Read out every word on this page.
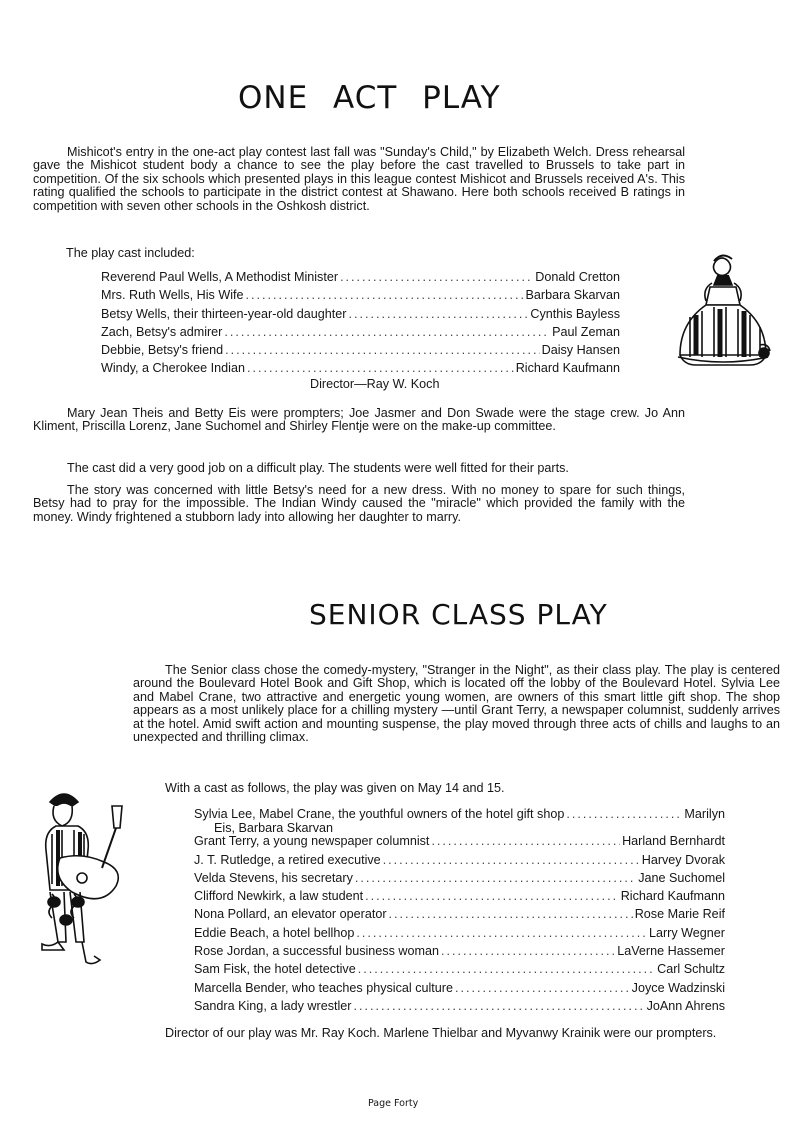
ONE ACT PLAY

Mishicot's entry in the one-act play contest last fall was "Sunday's Child," by Elizabeth Welch. Dress rehearsal gave the Mishicot student body a chance to see the play before the cast travelled to Brussels to take part in competition. Of the six schools which presented plays in this league contest Mishicot and Brussels received A's. This rating qualified the schools to participate in the district contest at Shawano. Here both schools received B ratings in competition with seven other schools in the Oshkosh district.

The play cast included:

Reverend Paul Wells, A Methodist Minister .....	Donald Cretton
Mrs. Ruth Wells, His Wife .....	Barbara Skarvan
Betsy Wells, their thirteen-year-old daughter .....	Cynthis Bayless
Zach, Betsy's admirer .....	Paul Zeman
Debbie, Betsy's friend .....	Daisy Hansen
Windy, a Cherokee Indian .....	Richard Kaufmann

Director—Ray W. Koch

Mary Jean Theis and Betty Eis were prompters; Joe Jasmer and Don Swade were the stage crew. Jo Ann Kliment, Priscilla Lorenz, Jane Suchomel and Shirley Flentje were on the make-up committee.

The cast did a very good job on a difficult play. The students were well fitted for their parts.

The story was concerned with little Betsy's need for a new dress. With no money to spare for such things, Betsy had to pray for the impossible. The Indian Windy caused the "miracle" which provided the family with the money. Windy frightened a stubborn lady into allowing her daughter to marry.

SENIOR CLASS PLAY

The Senior class chose the comedy-mystery, "Stranger in the Night", as their class play. The play is centered around the Boulevard Hotel Book and Gift Shop, which is located off the lobby of the Boulevard Hotel. Sylvia Lee and Mabel Crane, two attractive and energetic young women, are owners of this smart little gift shop. The shop appears as a most unlikely place for a chilling mystery —until Grant Terry, a newspaper columnist, suddenly arrives at the hotel. Amid swift action and mounting suspense, the play moved through three acts of chills and laughs to an unexpected and thrilling climax.

With a cast as follows, the play was given on May 14 and 15.

Sylvia Lee, Mabel Crane, the youthful owners of the hotel gift shop .....	Marilyn
Eis, Barbara Skarvan
Grant Terry, a young newspaper columnist .....	Harland Bernhardt
J. T. Rutledge, a retired executive .....	Harvey Dvorak
Velda Stevens, his secretary .....	Jane Suchomel
Clifford Newkirk, a law student .....	Richard Kaufmann
Nona Pollard, an elevator operator .....	Rose Marie Reif
Eddie Beach, a hotel bellhop .....	Larry Wegner
Rose Jordan, a successful business woman .....	LaVerne Hassemer
Sam Fisk, the hotel detective .....	Carl Schultz
Marcella Bender, who teaches physical culture .....	Joyce Wadzinski
Sandra King, a lady wrestler .....	JoAnn Ahrens

Director of our play was Mr. Ray Koch. Marlene Thielbar and Myvanwy Krainik were our prompters.

Page Forty
